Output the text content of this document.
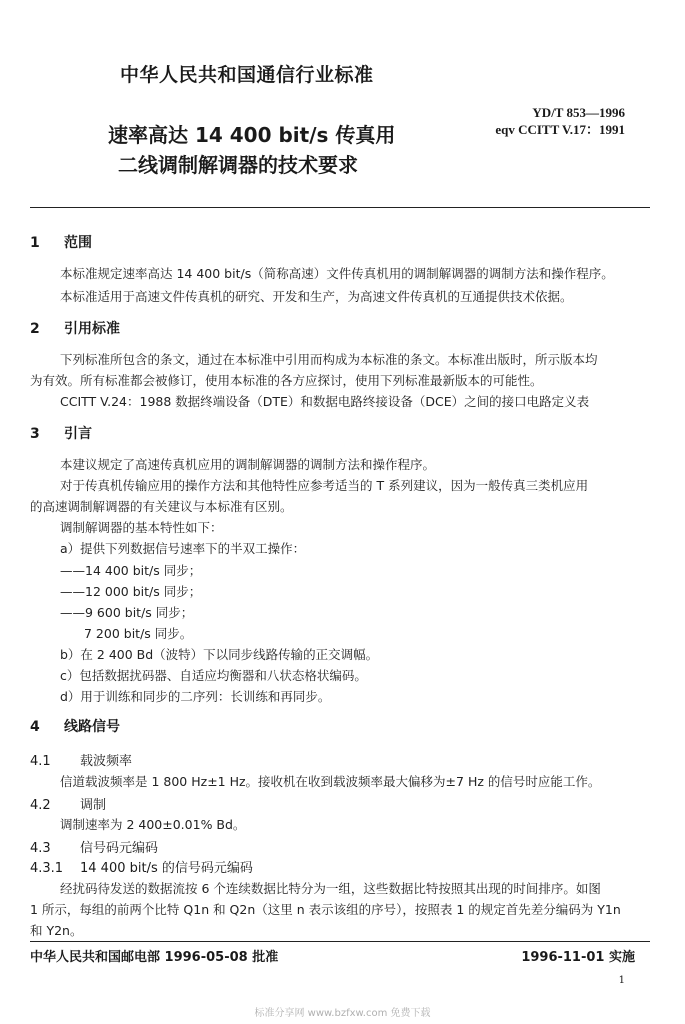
中华人民共和国通信行业标准
YD/T 853—1996
eqv CCITT V.17：1991
速率高达 14 400 bit/s 传真用
二线调制解调器的技术要求
1 范围
本标准规定速率高达 14 400 bit/s（简称高速）文件传真机用的调制解调器的调制方法和操作程序。
本标准适用于高速文件传真机的研究、开发和生产，为高速文件传真机的互通提供技术依据。
2 引用标准
下列标准所包含的条文，通过在本标准中引用而构成为本标准的条文。本标准出版时，所示版本均
为有效。所有标准都会被修订，使用本标准的各方应探讨，使用下列标准最新版本的可能性。
CCITT V.24：1988 数据终端设备（DTE）和数据电路终接设备（DCE）之间的接口电路定义表
3 引言
本建议规定了高速传真机应用的调制解调器的调制方法和操作程序。
对于传真机传输应用的操作方法和其他特性应参考适当的 T 系列建议，因为一般传真三类机应用
的高速调制解调器的有关建议与本标准有区别。
调制解调器的基本特性如下：
a）提供下列数据信号速率下的半双工操作：
——14 400 bit/s 同步；
——12 000 bit/s 同步；
——9 600 bit/s 同步；
7 200 bit/s 同步。
b）在 2 400 Bd（波特）下以同步线路传输的正交调幅。
c）包括数据扰码器、自适应均衡器和八状态格状编码。
d）用于训练和同步的二序列：长训练和再同步。
4 线路信号
4.1 载波频率
信道载波频率是 1 800 Hz±1 Hz。接收机在收到载波频率最大偏移为±7 Hz 的信号时应能工作。
4.2 调制
调制速率为 2 400±0.01% Bd。
4.3 信号码元编码
4.3.1 14 400 bit/s 的信号码元编码
经扰码待发送的数据流按 6 个连续数据比特分为一组，这些数据比特按照其出现的时间排序。如图
1 所示，每组的前两个比特 Q1n 和 Q2n（这里 n 表示该组的序号），按照表 1 的规定首先差分编码为 Y1n
和 Y2n。
中华人民共和国邮电部 1996-05-08 批准	1996-11-01 实施
1
标准分享网 www.bzfxw.com 免费下载
